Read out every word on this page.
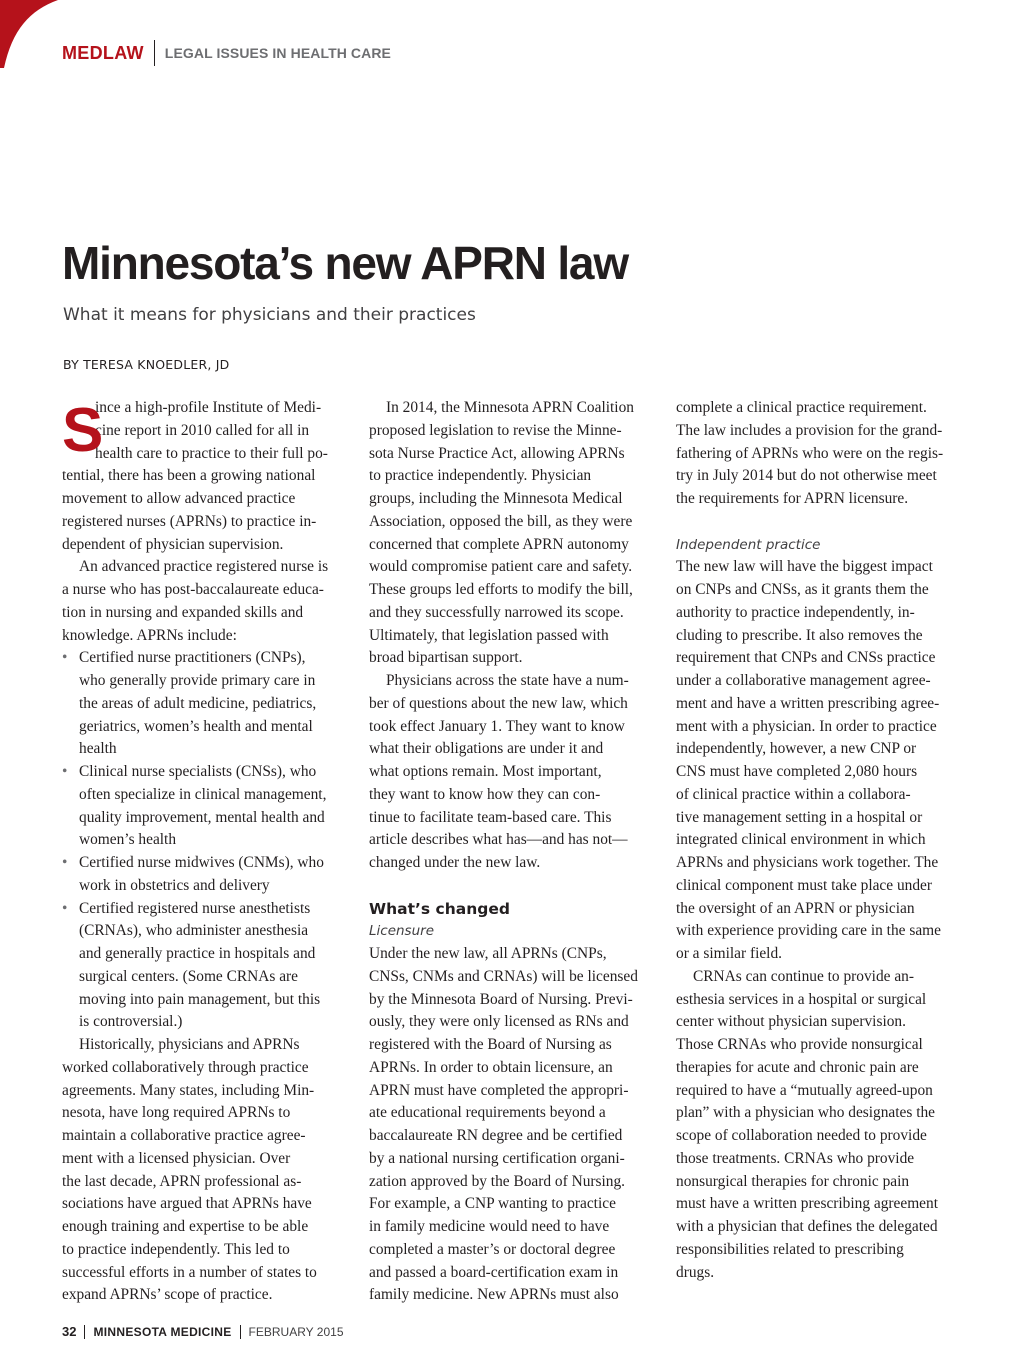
MEDLAW LEGAL ISSUES IN HEALTH CARE
Minnesota’s new APRN law
What it means for physicians and their practices
BY TERESA KNOEDLER, JD
S
ince a high-profile Institute of Medi-
cine report in 2010 called for all in
health care to practice to their full po-
tential, there has been a growing national
movement to allow advanced practice
registered nurses (APRNs) to practice in-
dependent of physician supervision.
An advanced practice registered nurse is
a nurse who has post-baccalaureate educa-
tion in nursing and expanded skills and
knowledge. APRNs include:
• Certified nurse practitioners (CNPs),
who generally provide primary care in
the areas of adult medicine, pediatrics,
geriatrics, women’s health and mental
health
• Clinical nurse specialists (CNSs), who
often specialize in clinical management,
quality improvement, mental health and
women’s health
• Certified nurse midwives (CNMs), who
work in obstetrics and delivery
• Certified registered nurse anesthetists
(CRNAs), who administer anesthesia
and generally practice in hospitals and
surgical centers. (Some CRNAs are
moving into pain management, but this
is controversial.)
Historically, physicians and APRNs
worked collaboratively through practice
agreements. Many states, including Min-
nesota, have long required APRNs to
maintain a collaborative practice agree-
ment with a licensed physician. Over
the last decade, APRN professional as-
sociations have argued that APRNs have
enough training and expertise to be able
to practice independently. This led to
successful efforts in a number of states to
expand APRNs’ scope of practice.
In 2014, the Minnesota APRN Coalition
proposed legislation to revise the Minne-
sota Nurse Practice Act, allowing APRNs
to practice independently. Physician
groups, including the Minnesota Medical
Association, opposed the bill, as they were
concerned that complete APRN autonomy
would compromise patient care and safety.
These groups led efforts to modify the bill,
and they successfully narrowed its scope.
Ultimately, that legislation passed with
broad bipartisan support.
Physicians across the state have a num-
ber of questions about the new law, which
took effect January 1. They want to know
what their obligations are under it and
what options remain. Most important,
they want to know how they can con-
tinue to facilitate team-based care. This
article describes what has—and has not—
changed under the new law.
What’s changed
Licensure
Under the new law, all APRNs (CNPs,
CNSs, CNMs and CRNAs) will be licensed
by the Minnesota Board of Nursing. Previ-
ously, they were only licensed as RNs and
registered with the Board of Nursing as
APRNs. In order to obtain licensure, an
APRN must have completed the appropri-
ate educational requirements beyond a
baccalaureate RN degree and be certified
by a national nursing certification organi-
zation approved by the Board of Nursing.
For example, a CNP wanting to practice
in family medicine would need to have
completed a master’s or doctoral degree
and passed a board-certification exam in
family medicine. New APRNs must also
complete a clinical practice requirement.
The law includes a provision for the grand-
fathering of APRNs who were on the regis-
try in July 2014 but do not otherwise meet
the requirements for APRN licensure.
Independent practice
The new law will have the biggest impact
on CNPs and CNSs, as it grants them the
authority to practice independently, in-
cluding to prescribe. It also removes the
requirement that CNPs and CNSs practice
under a collaborative management agree-
ment and have a written prescribing agree-
ment with a physician. In order to practice
independently, however, a new CNP or
CNS must have completed 2,080 hours
of clinical practice within a collabora-
tive management setting in a hospital or
integrated clinical environment in which
APRNs and physicians work together. The
clinical component must take place under
the oversight of an APRN or physician
with experience providing care in the same
or a similar field.
CRNAs can continue to provide an-
esthesia services in a hospital or surgical
center without physician supervision.
Those CRNAs who provide nonsurgical
therapies for acute and chronic pain are
required to have a “mutually agreed-upon
plan” with a physician who designates the
scope of collaboration needed to provide
those treatments. CRNAs who provide
nonsurgical therapies for chronic pain
must have a written prescribing agreement
with a physician that defines the delegated
responsibilities related to prescribing
drugs.
32 MINNESOTA MEDICINE FEBRUARY 2015
